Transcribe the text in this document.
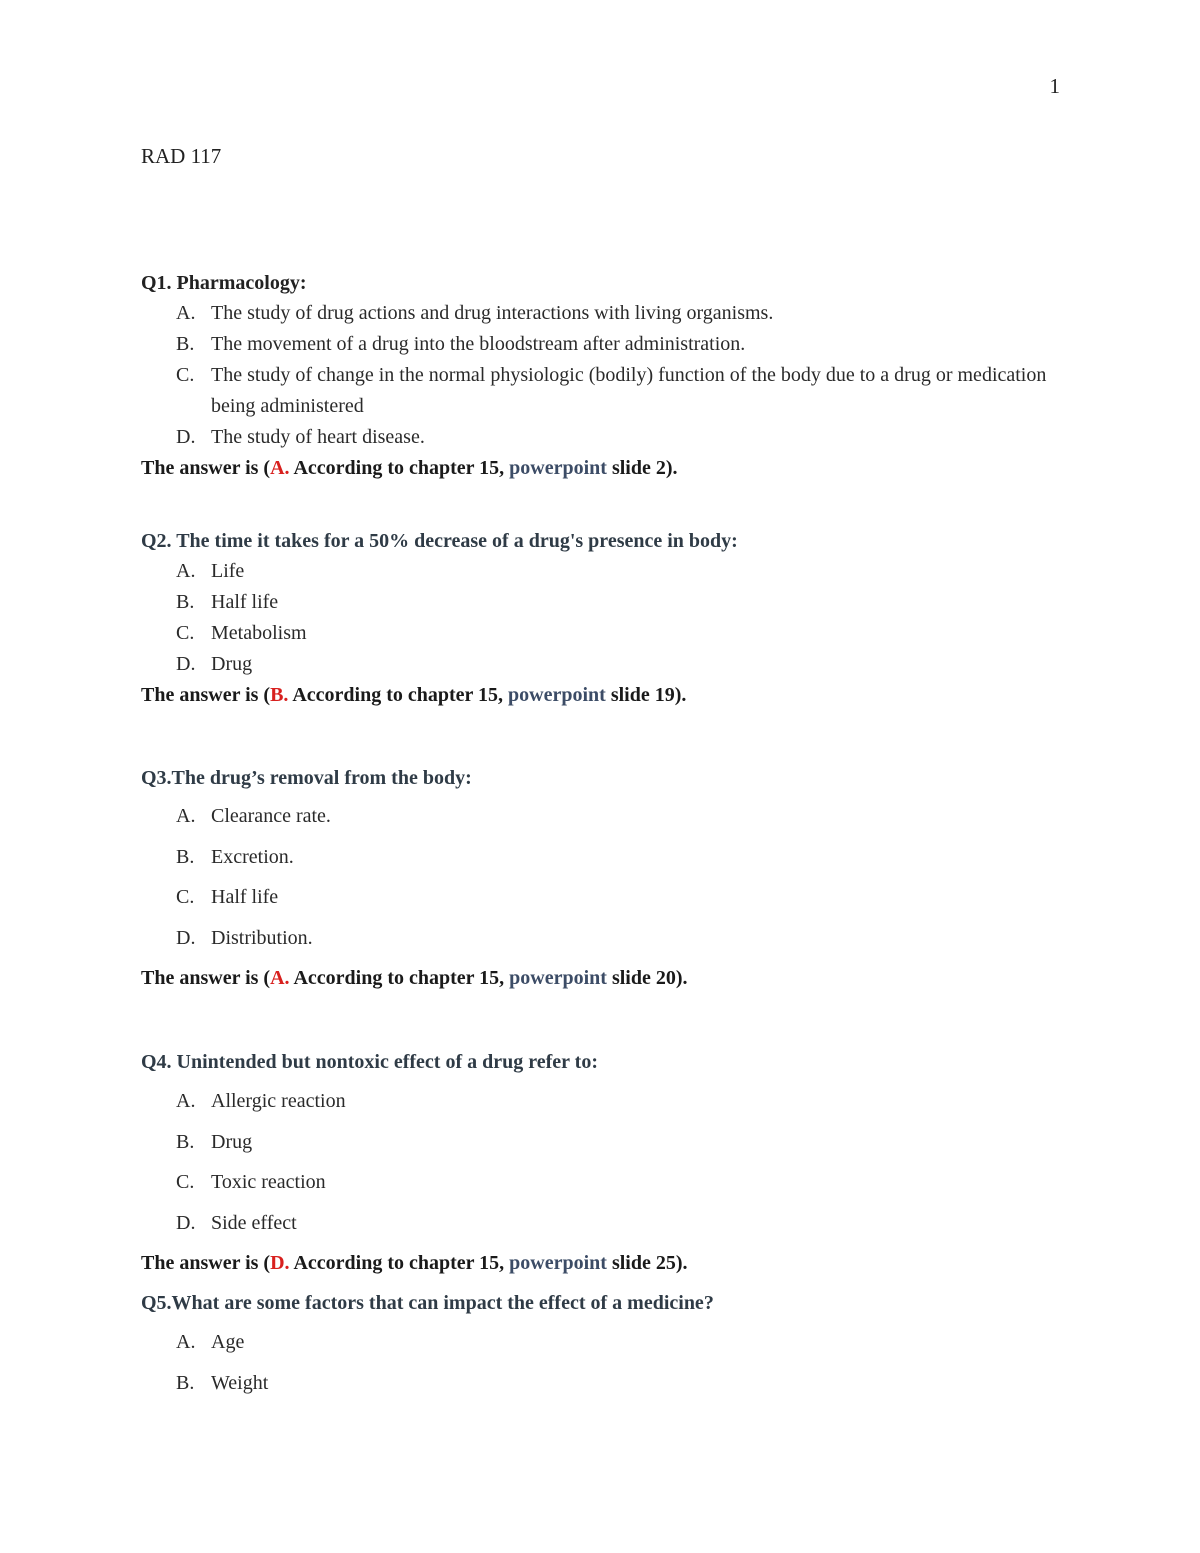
1
RAD 117

Q1. Pharmacology:

A. The study of drug actions and drug interactions with living organisms.
B. The movement of a drug into the bloodstream after administration.
C. The study of change in the normal physiologic (bodily) function of the body due to a drug or medication being administered
D. The study of heart disease.

The answer is (A. According to chapter 15, powerpoint slide 2).

Q2. The time it takes for a 50% decrease of a drug's presence in body:

A. Life
B. Half life
C. Metabolism
D. Drug

The answer is (B. According to chapter 15, powerpoint slide 19).

Q3.The drug’s removal from the body:

A. Clearance rate.
B. Excretion.
C. Half life
D. Distribution.

The answer is (A. According to chapter 15, powerpoint slide 20).

Q4. Unintended but nontoxic effect of a drug refer to:

A. Allergic reaction
B. Drug
C. Toxic reaction
D. Side effect

The answer is (D. According to chapter 15, powerpoint slide 25).

Q5.What are some factors that can impact the effect of a medicine?

A. Age
B. Weight
